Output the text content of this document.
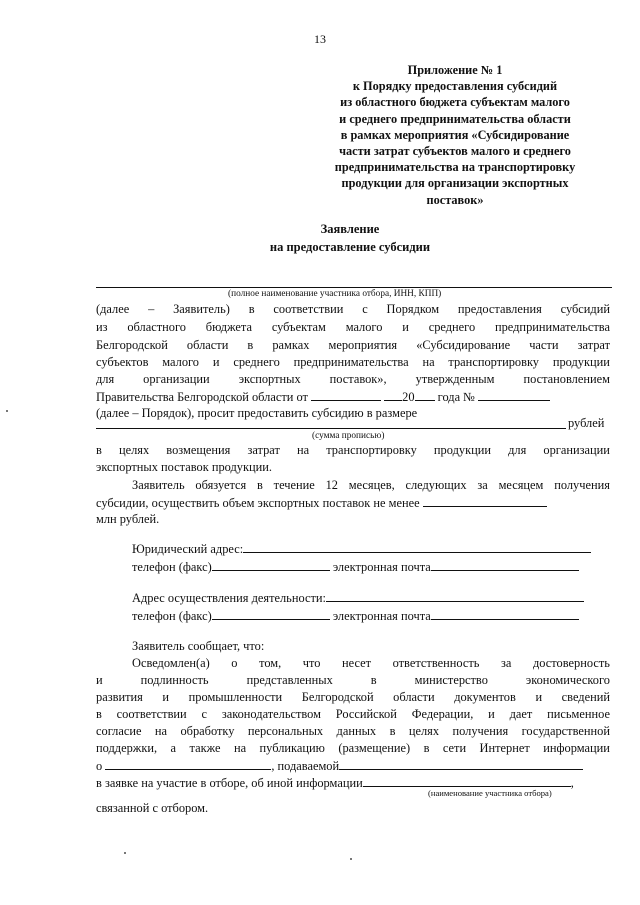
13
Приложение № 1
к Порядку предоставления субсидий
из областного бюджета субъектам малого
и среднего предпринимательства области
в рамках мероприятия «Субсидирование
части затрат субъектов малого и среднего
предпринимательства на транспортировку
продукции для организации экспортных
поставок»
Заявление
на предоставление субсидии
(полное наименование участника отбора, ИНН, КПП)
(далее – Заявитель) в соответствии с Порядком предоставления субсидий
из областного бюджета субъектам малого и среднего предпринимательства
Белгородской области в рамках мероприятия «Субсидирование части затрат
субъектов малого и среднего предпринимательства на транспортировку продукции
для организации экспортных поставок», утвержденным постановлением
Правительства Белгородской области от	20 года №
(далее – Порядок), просит предоставить субсидию в размере
рублей
(сумма прописью)
в целях возмещения затрат на транспортировку продукции для организации
экспортных поставок продукции.
Заявитель обязуется в течение 12 месяцев, следующих за месяцем получения
субсидии, осуществить объем экспортных поставок не менее
млн рублей.
Юридический адрес:
телефон (факс)	электронная почта
Адрес осуществления деятельности:
телефон (факс)	электронная почта
Заявитель сообщает, что:
Осведомлен(а) о том, что несет ответственность за достоверность
и	подлинность	представленных	в	министерство	экономического
развития и промышленности Белгородской области документов и сведений
в соответствии с законодательством Российской Федерации, и дает письменное
согласие на обработку персональных данных в целях получения государственной
поддержки, а также на публикацию (размещение) в сети Интернет информации
о	, подаваемой
в заявке на участие в отборе, об иной информации	,
(наименование участника отбора)
связанной с отбором.
